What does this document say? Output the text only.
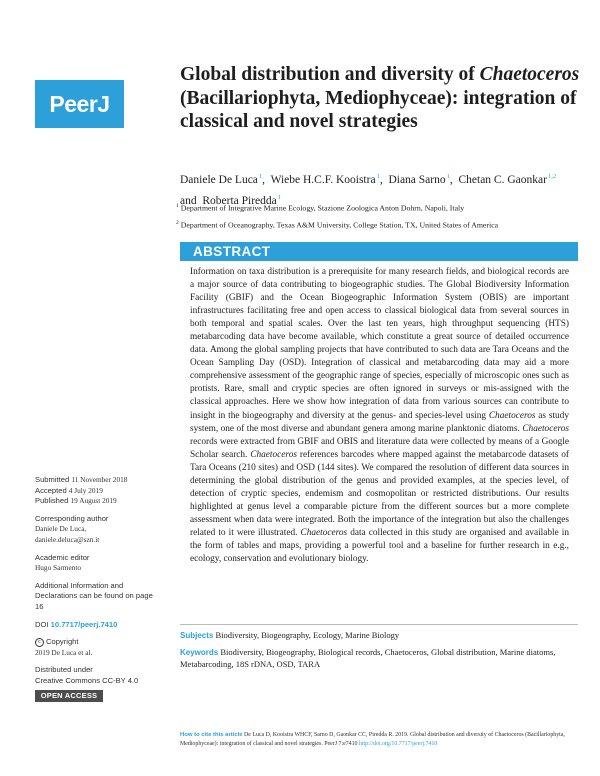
PeerJ
Global distribution and diversity of Chaetoceros (Bacillariophyta, Mediophyceae): integration of classical and novel strategies
Daniele De Luca$^1$,  Wiebe H.C.F. Kooistra$^1$,  Diana Sarno$^1$,  Chetan C. Gaonkar$^{1,2}$
and Roberta Piredda$^1$
$^1$ Department of Integrative Marine Ecology, Stazione Zoologica Anton Dohrn, Napoli, Italy
$^2$ Department of Oceanography, Texas A&M University, College Station, TX, United States of America
ABSTRACT

Information on taxa distribution is a prerequisite for many research fields, and biological records are a major source of data contributing to biogeographic studies. The Global Biodiversity Information Facility (GBIF) and the Ocean Biogeographic Information System (OBIS) are important infrastructures facilitating free and open access to classical biological data from several sources in both temporal and spatial scales. Over the last ten years, high throughput sequencing (HTS) metabarcoding data have become available, which constitute a great source of detailed occurrence data. Among the global sampling projects that have contributed to such data are Tara Oceans and the Ocean Sampling Day (OSD). Integration of classical and metabarcoding data may aid a more comprehensive assessment of the geographic range of species, especially of microscopic ones such as protists. Rare, small and cryptic species are often ignored in surveys or mis-assigned with the classical approaches. Here we show how integration of data from various sources can contribute to insight in the biogeography and diversity at the genus- and species-level using Chaetoceros as study system, one of the most diverse and abundant genera among marine planktonic diatoms. Chaetoceros records were extracted from GBIF and OBIS and literature data were collected by means of a Google Scholar search. Chaetoceros references barcodes where mapped against the metabarcode datasets of Tara Oceans (210 sites) and OSD (144 sites). We compared the resolution of different data sources in determining the global distribution of the genus and provided examples, at the species level, of detection of cryptic species, endemism and cosmopolitan or restricted distributions. Our results highlighted at genus level a comparable picture from the different sources but a more complete assessment when data were integrated. Both the importance of the integration but also the challenges related to it were illustrated. Chaetoceros data collected in this study are organised and available in the form of tables and maps, providing a powerful tool and a baseline for further research in e.g., ecology, conservation and evolutionary biology.

Submitted 11 November 2018
Accepted 4 July 2019
Published 19 August 2019
Corresponding author
Daniele De Luca,
daniele.deluca@szn.it
Academic editor
Hugo Sarmento
Additional Information and Declarations can be found on page 16
DOI 10.7717/peerj.7410
c Copyright
2019 De Luca et al.
Distributed under
Creative Commons CC-BY 4.0
OPEN ACCESS

Subjects Biodiversity, Biogeography, Ecology, Marine Biology

Keywords Biodiversity, Biogeography, Biological records, Chaetoceros, Global distribution, Marine diatoms, Metabarcoding, 18S rDNA, OSD, TARA

How to cite this article De Luca D, Kooistra WHCF, Sarno D, Gaonkar CC, Piredda R. 2019. Global distribution and diversity of Chaetoceros (Bacillariophyta, Mediophyceae): integration of classical and novel strategies. PeerJ 7:e7410 http://doi.org/10.7717/peerj.7410
